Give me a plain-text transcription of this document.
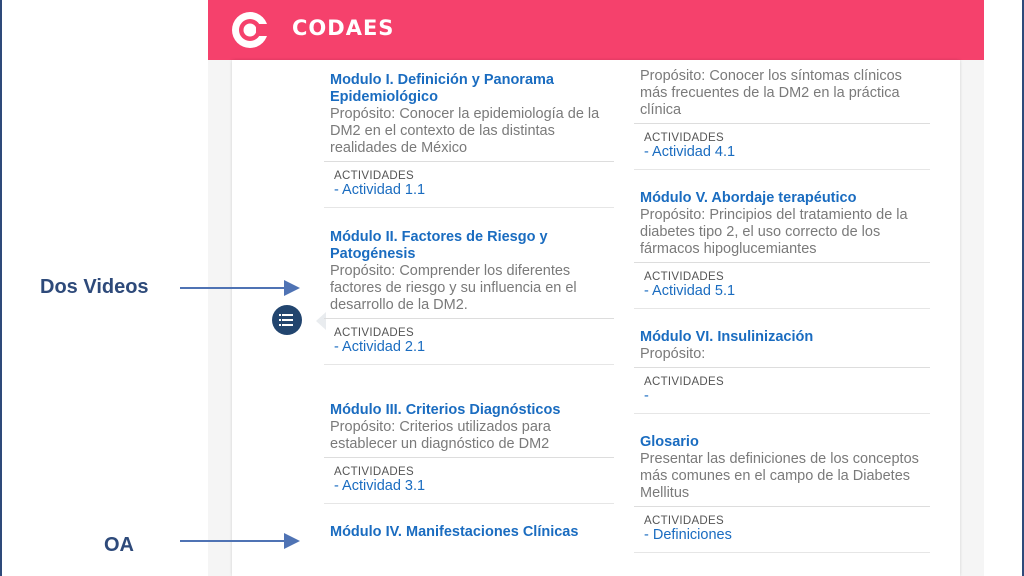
CODAES
Modulo I. Definición y Panorama Epidemiológico
Propósito: Conocer la epidemiología de la DM2 en el contexto de las distintas realidades de México
ACTIVIDADES
- Actividad 1.1
Módulo II. Factores de Riesgo y Patogénesis
Propósito: Comprender los diferentes factores de riesgo y su influencia en el desarrollo de la DM2.
ACTIVIDADES
- Actividad 2.1
Módulo III. Criterios Diagnósticos
Propósito: Criterios utilizados para establecer un diagnóstico de DM2
ACTIVIDADES
- Actividad 3.1
Módulo IV. Manifestaciones Clínicas
Propósito: Conocer los síntomas clínicos más frecuentes de la DM2 en la práctica clínica
ACTIVIDADES
- Actividad 4.1
Módulo V. Abordaje terapéutico
Propósito: Principios del tratamiento de la diabetes tipo 2, el uso correcto de los fármacos hipoglucemiantes
ACTIVIDADES
- Actividad 5.1
Módulo VI. Insulinización
Propósito:
ACTIVIDADES
-
Glosario
Presentar las definiciones de los conceptos más comunes en el campo de la Diabetes Mellitus
ACTIVIDADES
- Definiciones
Dos Videos
OA
